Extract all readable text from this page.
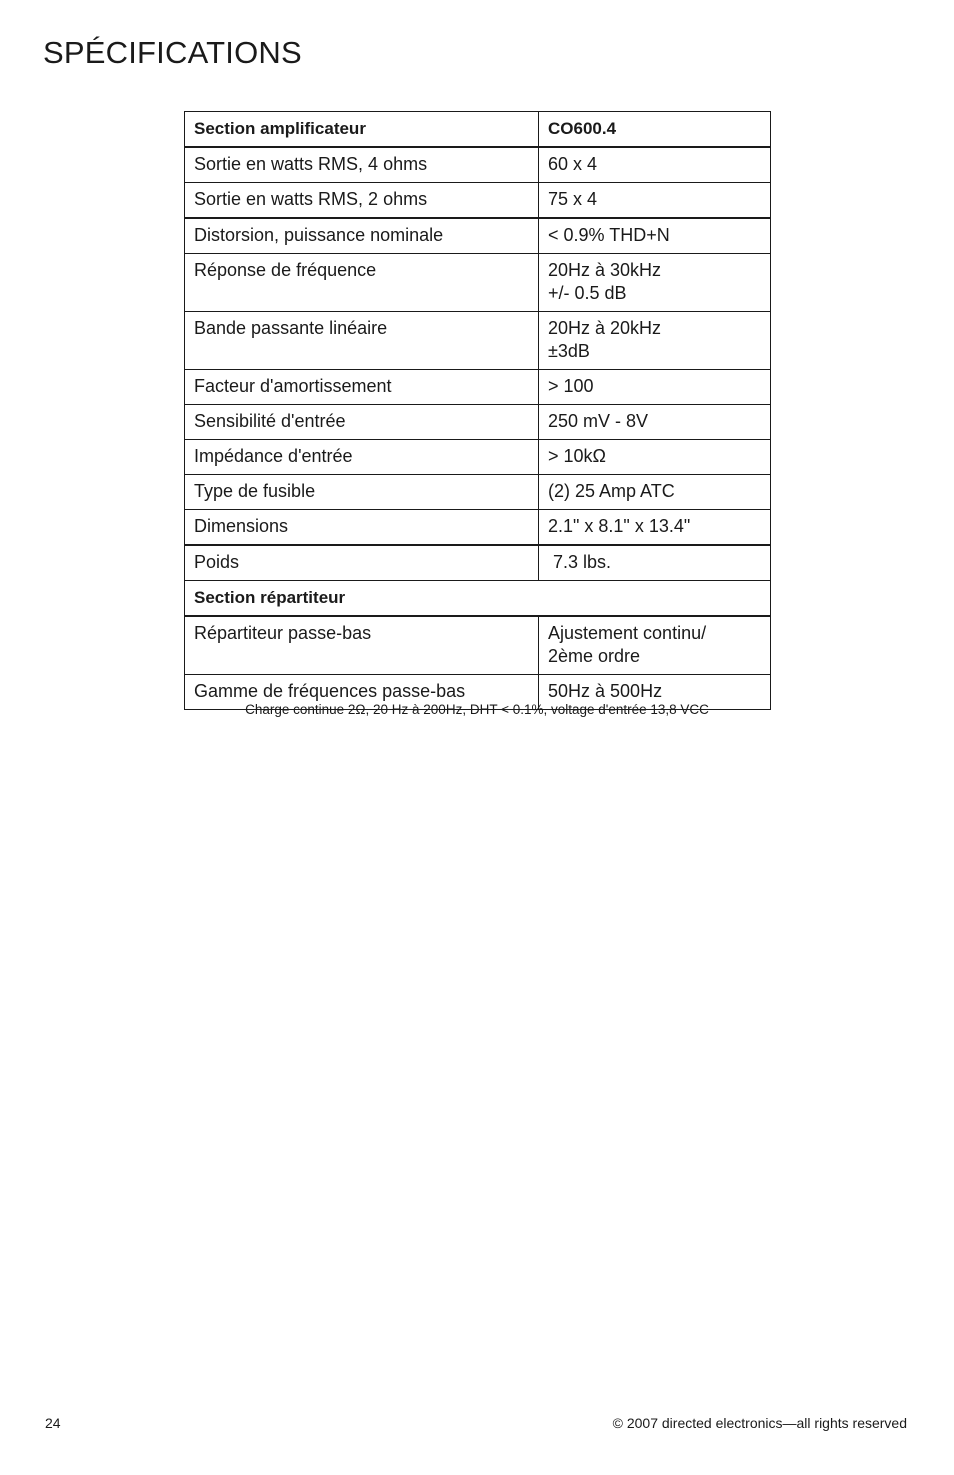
SPÉCIFICATIONS
Section amplificateur	CO600.4
Sortie en watts RMS, 4 ohms	60 x 4

Sortie en watts RMS, 2 ohms	75 x 4

Distorsion, puissance nominale	< 0.9% THD+N

Réponse de fréquence	20Hz à 30kHz
+/- 0.5 dB

Bande passante linéaire	20Hz à 20kHz
±3dB

Facteur d'amortissement	> 100

Sensibilité d'entrée	250 mV - 8V

Impédance d'entrée	> 10kΩ

Type de fusible	(2) 25 Amp ATC

Dimensions	2.1" x 8.1" x 13.4"

Poids	7.3 lbs.

Section répartiteur	
Répartiteur passe-bas	Ajustement continu/
2ème ordre

Gamme de fréquences passe-bas	50Hz à 500Hz

Charge continue 2Ω, 20 Hz à 200Hz, DHT < 0.1%, voltage d'entrée 13,8 VCC

24	© 2007 directed electronics—all rights reserved
